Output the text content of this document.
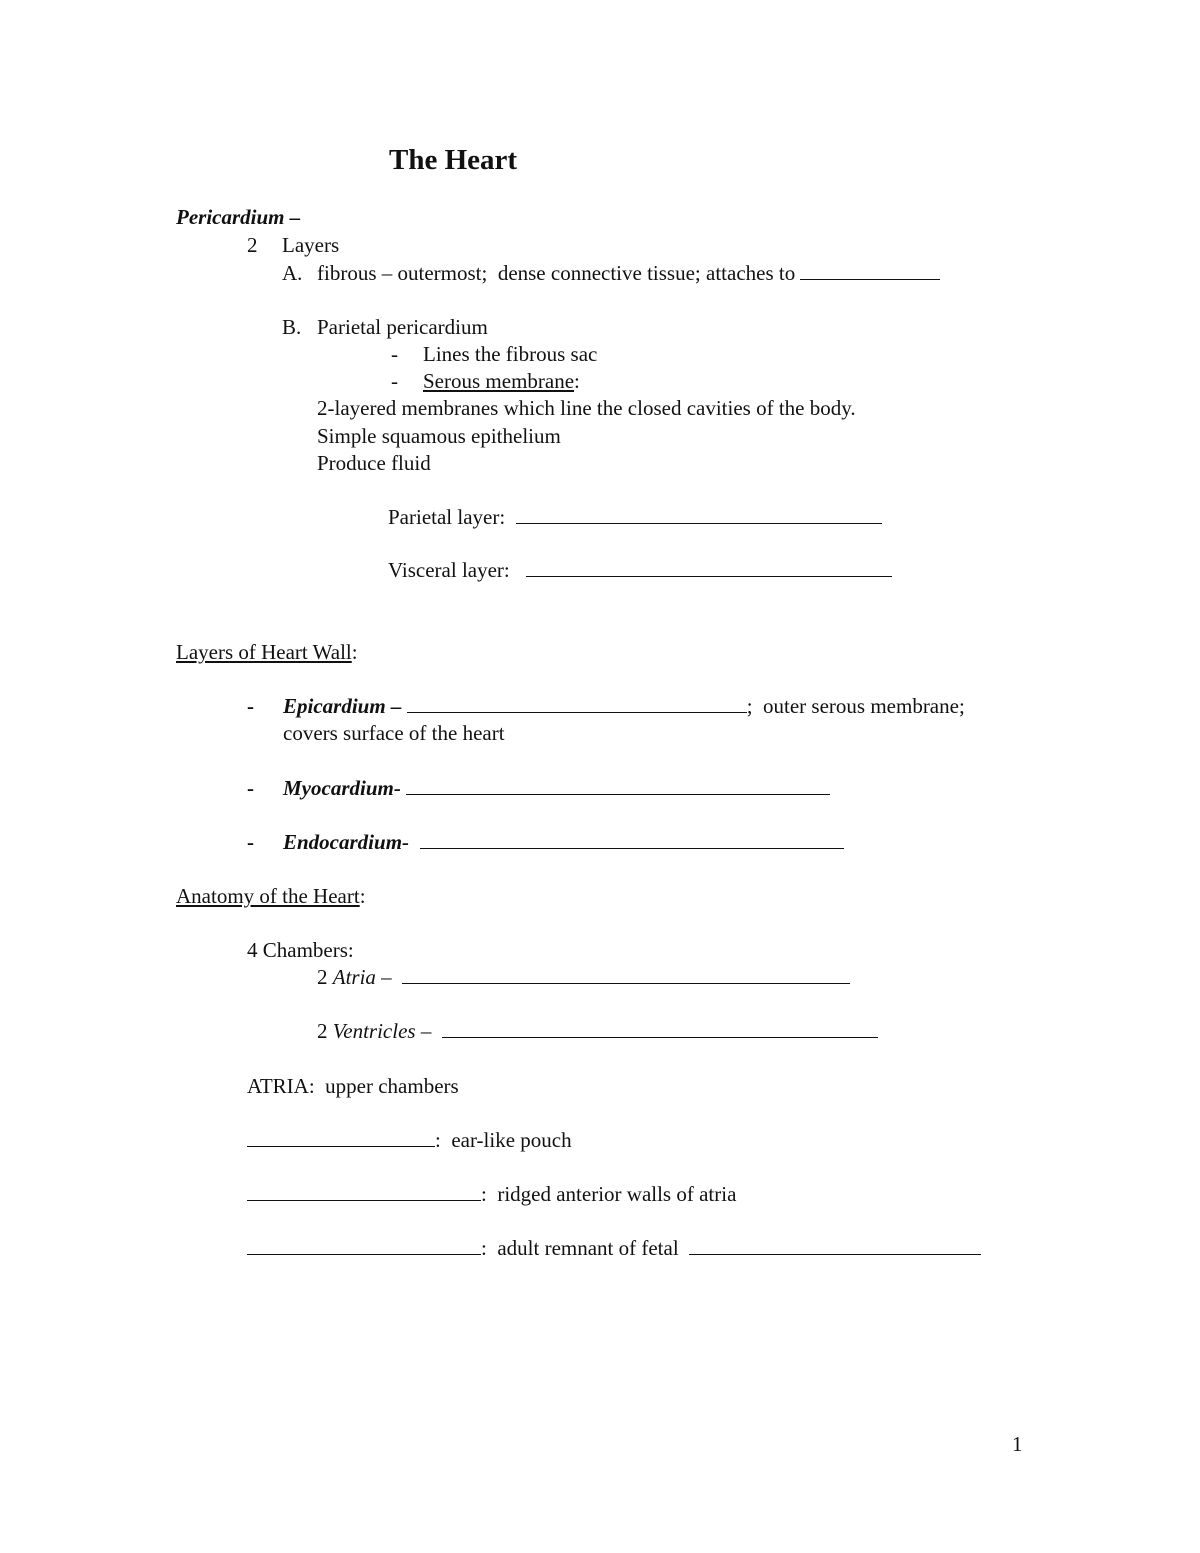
The Heart
Pericardium –
2 Layers
A. fibrous – outermost;  dense connective tissue; attaches to
B. Parietal pericardium
- Lines the fibrous sac
- Serous membrane:
2-layered membranes which line the closed cavities of the body.
Simple squamous epithelium
Produce fluid
Parietal layer:
Visceral layer:
Layers of Heart Wall:
- Epicardium –	;  outer serous membrane;
covers surface of the heart
- Myocardium-
- Endocardium-
Anatomy of the Heart:
4 Chambers:
2 Atria –
2 Ventricles –
ATRIA:  upper chambers
:  ear-like pouch
:  ridged anterior walls of atria
:  adult remnant of fetal
1
